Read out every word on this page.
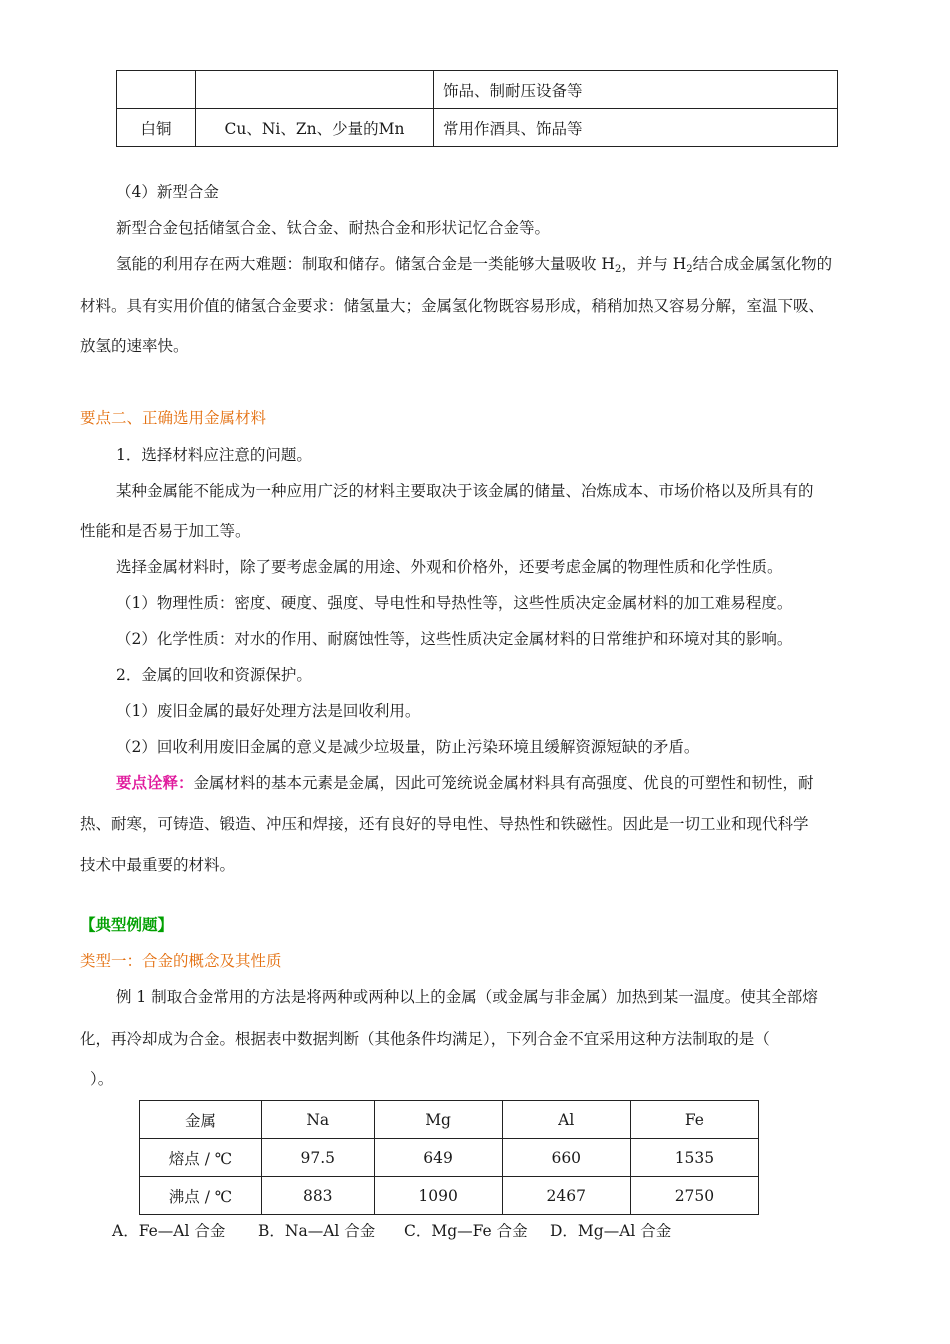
		饰品、制耐压设备等
白铜	Cu、Ni、Zn、少量的Mn	常用作酒具、饰品等
（4）新型合金
新型合金包括储氢合金、钛合金、耐热合金和形状记忆合金等。
氢能的利用存在两大难题：制取和储存。储氢合金是一类能够大量吸收 $H_2$，并与 $H_2$结合成金属氢化物的
材料。具有实用价值的储氢合金要求：储氢量大；金属氢化物既容易形成，稍稍加热又容易分解，室温下吸、
放氢的速率快。
要点二、正确选用金属材料
1．选择材料应注意的问题。
某种金属能不能成为一种应用广泛的材料主要取决于该金属的储量、冶炼成本、市场价格以及所具有的
性能和是否易于加工等。
选择金属材料时，除了要考虑金属的用途、外观和价格外，还要考虑金属的物理性质和化学性质。
（1）物理性质：密度、硬度、强度、导电性和导热性等，这些性质决定金属材料的加工难易程度。
（2）化学性质：对水的作用、耐腐蚀性等，这些性质决定金属材料的日常维护和环境对其的影响。
2．金属的回收和资源保护。
（1）废旧金属的最好处理方法是回收利用。
（2）回收利用废旧金属的意义是减少垃圾量，防止污染环境且缓解资源短缺的矛盾。
要点诠释：金属材料的基本元素是金属，因此可笼统说金属材料具有高强度、优良的可塑性和韧性，耐
热、耐寒，可铸造、锻造、冲压和焊接，还有良好的导电性、导热性和铁磁性。因此是一切工业和现代科学
技术中最重要的材料。
【典型例题】
类型一：合金的概念及其性质
例 1 制取合金常用的方法是将两种或两种以上的金属（或金属与非金属）加热到某一温度。使其全部熔
化，再冷却成为合金。根据表中数据判断（其他条件均满足），下列合金不宜采用这种方法制取的是（
）。
金属	Na	Mg	Al	Fe
熔点 / ℃	97.5	649	660	1535
沸点 / ℃	883	1090	2467	2750
A．Fe—Al 合金 B．Na—Al 合金 C．Mg—Fe 合金 D．Mg—Al 合金
